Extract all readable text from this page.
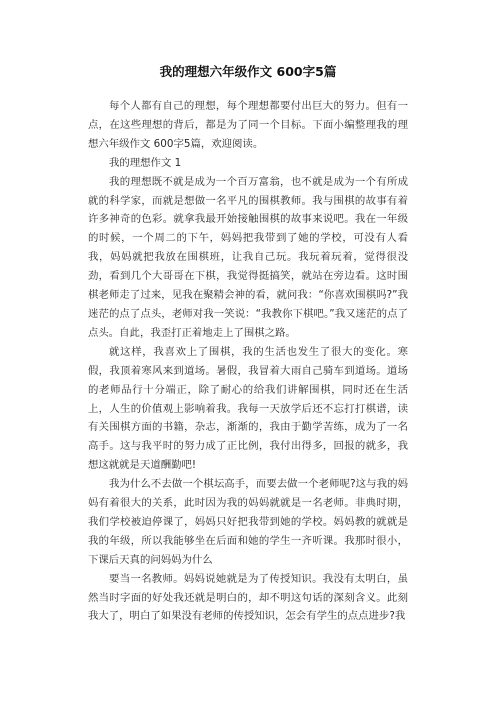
我的理想六年级作文 600字5篇

每个人都有自己的理想，每个理想都要付出巨大的努力。但有一点，在这些理想的背后，都是为了同一个目标。下面小编整理我的理想六年级作文 600字5篇，欢迎阅读。

我的理想作文 1

我的理想既不就是成为一个百万富翁，也不就是成为一个有所成就的科学家，而就是想做一名平凡的围棋教师。我与围棋的故事有着许多神奇的色彩。就拿我最开始接触围棋的故事来说吧。我在一年级的时候，一个周二的下午，妈妈把我带到了她的学校，可没有人看我，妈妈就把我放在围棋班，让我自己玩。我玩着玩着，觉得很没劲，看到几个大哥哥在下棋，我觉得挺搞笑，就站在旁边看。这时围棋老师走了过来，见我在聚精会神的看，就问我：“你喜欢围棋吗?”我迷茫的点了点头，老师对我一笑说：“我教你下棋吧。”我又迷茫的点了点头。自此，我歪打正着地走上了围棋之路。

就这样，我喜欢上了围棋，我的生活也发生了很大的变化。寒假，我顶着寒风来到道场。暑假，我冒着大雨自己骑车到道场。道场的老师品行十分端正，除了耐心的给我们讲解围棋，同时还在生活上，人生的价值观上影响着我。我每一天放学后还不忘打打棋谱，读有关围棋方面的书籍，杂志，渐渐的，我由于勤学苦练，成为了一名高手。这与我平时的努力成了正比例，我付出得多，回报的就多，我想这就就是天道酬勤吧!

我为什么不去做一个棋坛高手，而要去做一个老师呢?这与我的妈妈有着很大的关系，此时因为我的妈妈就就是一名老师。非典时期，我们学校被迫停课了，妈妈只好把我带到她的学校。妈妈教的就就是我的年级，所以我能够坐在后面和她的学生一齐听课。我那时很小，下课后天真的问妈妈为什么

要当一名教师。妈妈说她就是为了传授知识。我没有太明白，虽然当时字面的好处我还就是明白的，却不明这句话的深刻含义。此刻我大了，明白了如果没有老师的传授知识，怎会有学生的点点进步?我
